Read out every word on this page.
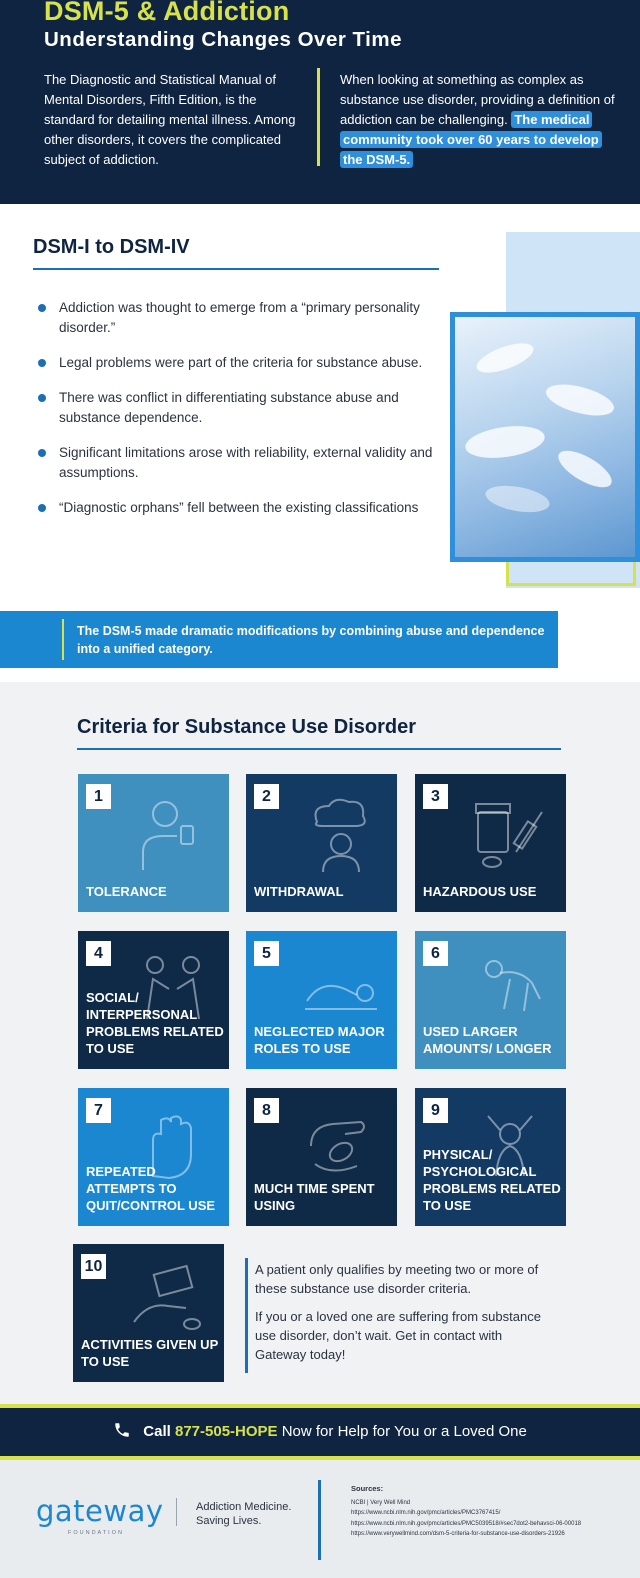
DSM-5 & Addiction
Understanding Changes Over Time
The Diagnostic and Statistical Manual of Mental Disorders, Fifth Edition, is the standard for detailing mental illness. Among other disorders, it covers the complicated subject of addiction.
When looking at something as complex as substance use disorder, providing a definition of addiction can be challenging. The medical community took over 60 years to develop the DSM-5.
DSM-I to DSM-IV
Addiction was thought to emerge from a “primary personality disorder.”
Legal problems were part of the criteria for substance abuse.
There was conflict in differentiating substance abuse and substance dependence.
Significant limitations arose with reliability, external validity and assumptions.
“Diagnostic orphans” fell between the existing classifications
The DSM-5 made dramatic modifications by combining abuse and dependence into a unified category.
Criteria for Substance Use Disorder
1
TOLERANCE
2
WITHDRAWAL
3
HAZARDOUS USE
4
SOCIAL/ INTERPERSONAL PROBLEMS RELATED TO USE
5
NEGLECTED MAJOR ROLES TO USE
6
USED LARGER AMOUNTS/ LONGER
7
REPEATED ATTEMPTS TO QUIT/CONTROL USE
8
MUCH TIME SPENT USING
9
PHYSICAL/ PSYCHOLOGICAL PROBLEMS RELATED TO USE
10
ACTIVITIES GIVEN UP TO USE

A patient only qualifies by meeting two or more of these substance use disorder criteria.

If you or a loved one are suffering from substance use disorder, don’t wait. Get in contact with Gateway today!

Call 877-505-HOPE Now for Help for You or a Loved One
gateway
FOUNDATION
Addiction Medicine.
Saving Lives.
Sources:
NCBI | Very Well Mind
https://www.ncbi.nlm.nih.gov/pmc/articles/PMC3767415/
https://www.ncbi.nlm.nih.gov/pmc/articles/PMC5039518/#sec7dot2-behavsci-06-00018
https://www.verywellmind.com/dsm-5-criteria-for-substance-use-disorders-21926
